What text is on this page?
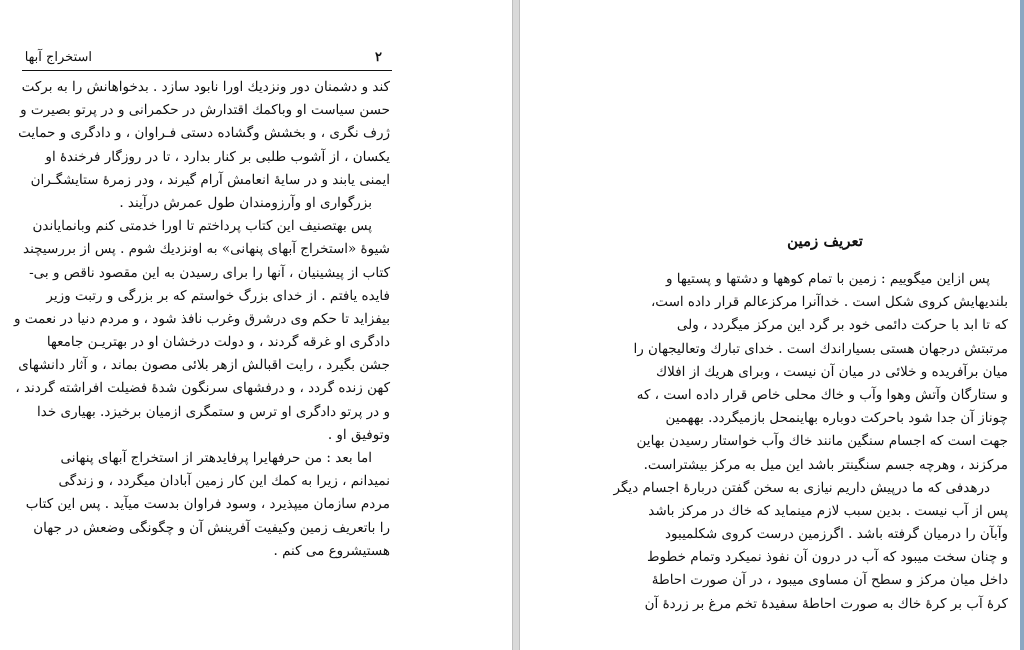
استخراج آبها	۲
کند و دشمنان دور ونزدیك اورا نابود سازد . بدخواهانش را به برکت
حسن سیاست او وباکمك اقتدارش در حکمرانی و در پرتو بصیرت و
ژرف نگری ، و بخشش وگشاده دستی فـراوان ، و دادگری و حمایت
یکسان ، از آشوب طلبی بر کنار بدارد ، تا در روزگار فرخندهٔ او
ایمنی یابند و در سایهٔ انعامش آرام گیرند ، ودر زمرهٔ ستایشگـران
بزرگواری او وآرزومندان طول عمرش درآیند .
پس بهتصنیف این کتاب پرداختم تا اورا خدمتی کنم وبانمایاندن
شیوهٔ «استخراج آبهای پنهانی» به اونزدیك شوم . پس از بررسیچند
کتاب از پیشینیان ، آنها را برای رسیدن به این مقصود ناقص و بی-
فایده یافتم . از خدای بزرگ خواستم که بر بزرگی و رتبت وزیر
بیفزاید تا حکم وی درشرق وغرب نافذ شود ، و مردم دنیا در نعمت و
دادگری او غرقه گردند ، و دولت درخشان او در بهتریـن جامعها
جشن بگیرد ، رایت اقبالش ازهر بلائی مصون بماند ، و آثار دانشهای
کهن زنده گردد ، و درفشهای سرنگون شدهٔ فضیلت افراشته گردند ،
و در پرتو دادگری او ترس و ستمگری ازمیان برخیزد. بهیاری خدا
وتوفیق او .
اما بعد : من حرفهایرا پرفایدهتر از استخراج آبهای پنهانی
نمیدانم ، زیرا به کمك این کار زمین آبادان میگردد ، و زندگی
مردم سازمان میپذیرد ، وسود فراوان بدست میآید . پس این کتاب
را باتعریف زمین وکیفیت آفرینش آن و چگونگی وضعش در جهان
هستیشروع می کنم .
تعریف زمین
پس ازاین میگوییم : زمین با تمام کوهها و دشتها و پستیها و
بلندیهایش کروی شکل است . خداآنرا مرکزعالم قرار داده است،
که تا ابد با حرکت دائمی خود بر گرد این مرکز میگردد ، ولی
مرتبتش درجهان هستی بسیاراندك است . خدای تبارك وتعالیجهان را
میان برآفریده و خلائی در میان آن نیست ، وبرای هریك از افلاك
و ستارگان وآتش وهوا وآب و خاك محلی خاص قرار داده است ، که
چوناز آن جدا شود باحرکت دوباره بهاینمحل بازمیگردد. بههمین
جهت است که اجسام سنگین مانند خاك وآب خواستار رسیدن بهاین
مرکزند ، وهرچه جسم سنگینتر باشد این میل به مرکز بیشتراست.
درهدفی که ما درپیش داریم نیازی به سخن گفتن دربارهٔ اجسام دیگر
پس از آب نیست . بدین سبب لازم مینماید که خاك در مرکز باشد
وآبآن را درمیان گرفته باشد . اگرزمین درست کروی شکلمیبود
و چنان سخت میبود که آب در درون آن نفوذ نمیکرد وتمام خطوط
داخل میان مرکز و سطح آن مساوی میبود ، در آن صورت احاطهٔ
کرهٔ آب بر کرهٔ خاك به صورت احاطهٔ سفیدهٔ تخم مرغ بر زردهٔ آن
